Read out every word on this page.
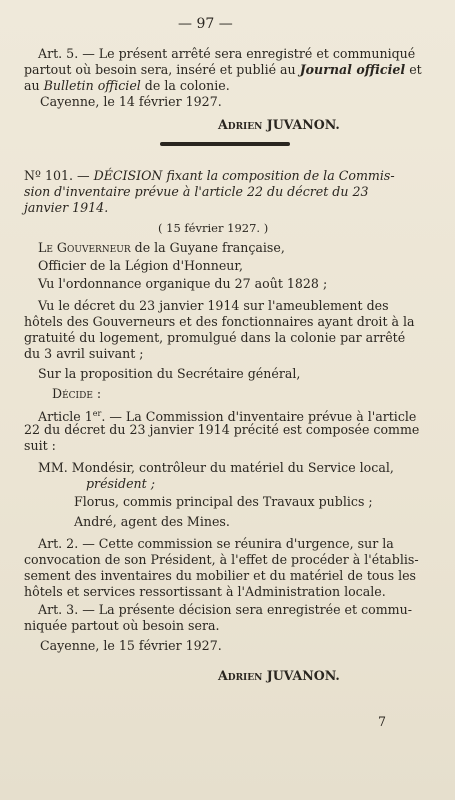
— 97 —
Art. 5. — Le présent arrêté sera enregistré et communiqué
partout où besoin sera, inséré et publié au Journal officiel et
au Bulletin officiel de la colonie.
Cayenne, le 14 février 1927.
Adrien JUVANON.
Nº 101. — DÉCISION fixant la composition de la Commis-
sion d'inventaire prévue à l'article 22 du décret du 23
janvier 1914.
( 15 février 1927. )
Le Gouverneur de la Guyane française,
Officier de la Légion d'Honneur,
Vu l'ordonnance organique du 27 août 1828 ;
Vu le décret du 23 janvier 1914 sur l'ameublement des
hôtels des Gouverneurs et des fonctionnaires ayant droit à la
gratuité du logement, promulgué dans la colonie par arrêté
du 3 avril suivant ;
Sur la proposition du Secrétaire général,
Décide :
Article 1er. — La Commission d'inventaire prévue à l'article
22 du décret du 23 janvier 1914 précité est composée comme
suit :
MM. Mondésir, contrôleur du matériel du Service local,
président ;
Florus, commis principal des Travaux publics ;
André, agent des Mines.
Art. 2. — Cette commission se réunira d'urgence, sur la
convocation de son Président, à l'effet de procéder à l'établis-
sement des inventaires du mobilier et du matériel de tous les
hôtels et services ressortissant à l'Administration locale.
Art. 3. — La présente décision sera enregistrée et commu-
niquée partout où besoin sera.
Cayenne, le 15 février 1927.
Adrien JUVANON.
7
